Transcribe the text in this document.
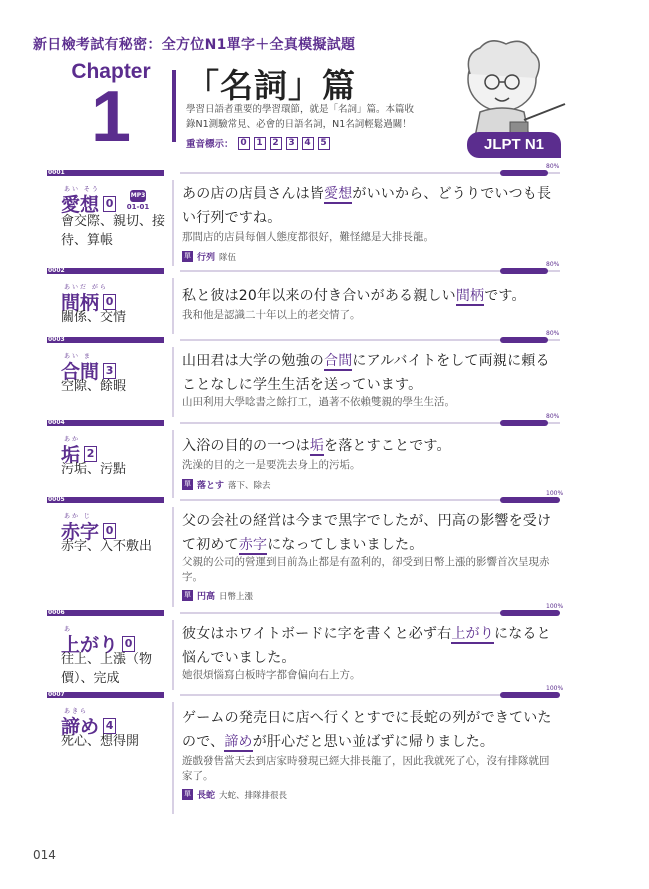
新日檢考試有秘密：全方位N1單字＋全真模擬試題
Chapter
1	「名詞」篇
學習日語者重要的學習環節，就是「名詞」篇。本篇收
錄N1測驗常見、必會的日語名詞，N1名詞輕鬆過關！
重音標示： 0	1	2	3	4	5	JLPT N1
0001
80%
あい そう
愛想 0
MP3
01-01
會交際、親切、接待、算帳
あの店の店員さんは皆愛想がいいから、どうりでいつも長い行列ですね。
那間店的店員每個人態度都很好，難怪總是大排長龍。
單 行列 隊伍
0002
80%
あいだ がら
間柄 0
關係、交情
私と彼は20年以来の付き合いがある親しい間柄です。
我和他是認識二十年以上的老交情了。
0003
80%
あい ま
合間 3
空隙、餘暇
山田君は大学の勉強の合間にアルバイトをして両親に頼ることなしに学生生活を送っています。
山田利用大學唸書之餘打工，過著不依賴雙親的學生生活。
0004
80%
あか
垢 2
污垢、污點
入浴の目的の一つは垢を落とすことです。
洗澡的目的之一是要洗去身上的污垢。
單 落とす 落下、除去
0005
100%
あか じ
赤字 0
赤字、入不敷出
父の会社の経営は今まで黒字でしたが、円高の影響を受けて初めて赤字になってしまいました。
父親的公司的營運到目前為止都是有盈利的，卻受到日幣上漲的影響首次呈現赤字。
單 円高 日幣上漲
0006
100%
あ
上がり 0
往上、上漲（物價）、完成
彼女はホワイトボードに字を書くと必ず右上がりになると悩んでいました。
她很煩惱寫白板時字都會偏向右上方。
0007
100%
あきら
諦め 4
死心、想得開
ゲームの発売日に店へ行くとすでに長蛇の列ができていたので、諦めが肝心だと思い並ばずに帰りました。
遊戲發售當天去到店家時發現已經大排長龍了，因此我就死了心，沒有排隊就回家了。
單 長蛇 大蛇、排隊排很長
014
